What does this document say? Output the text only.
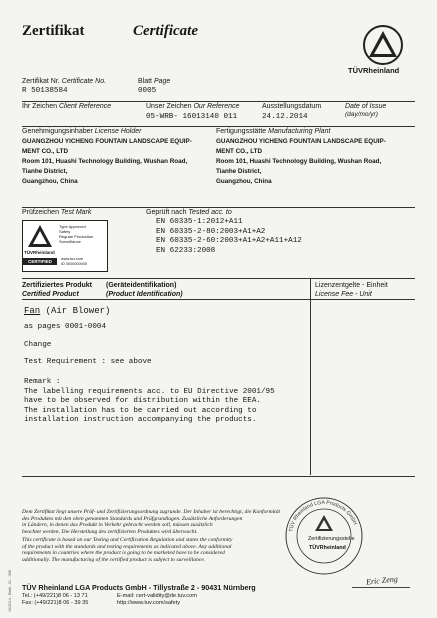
Zertifikat	Certificate
TÜVRheinland
Zertifikat Nr. Certificate No.
R 50138584
Blatt Page
0005
Ihr Zeichen Client Reference	Unser Zeichen Our Reference
05-WRB- 16013140 011
Ausstellungsdatum
24.12.2014
Date of Issue
(day/mo/yr)
Genehmigungsinhaber License Holder
GUANGZHOU YICHENG FOUNTAIN LANDSCAPE EQUIP-
MENT CO., LTD
Room 101, Huashi Technology Building, Wushan Road,
Tianhe District,
Guangzhou, China
Fertigungsstätte Manufacturing Plant
GUANGZHOU YICHENG FOUNTAIN LANDSCAPE EQUIP-
MENT CO., LTD
Room 101, Huashi Technology Building, Wushan Road,
Tianhe District,
Guangzhou, China
Prüfzeichen Test Mark
TÜVRheinland
Type Approved
Safety
Regular Production
Surveillance
CERTIFIED	www.tuv.com
ID 3000000000
Geprüft nach Tested acc. to
EN 60335-1:2012+A11
EN 60335-2-80:2003+A1+A2
EN 60335-2-60:2003+A1+A2+A11+A12
EN 62233:2008
Zertifiziertes Produkt
Certified Product
(Geräteidentifikation)
(Product Identification)
Lizenzentgelte - Einheit
License Fee - Unit
Fan (Air Blower)
as pages 0001-0004
Change
Test Requirement : see above
Remark :
The labelling requirements acc. to EU Directive 2001/95
have to be observed for distribution within the EEA.
The installation has to be carried out according to
installation instruction accompanying the products.
Dem Zertifikat liegt unsere Prüf- und Zertifizierungsordnung zugrunde. Der Inhaber ist berechtigt, die Konformität
des Produktes mit den oben genannten Standards und Prüfgrundlagen. Zusätzliche Anforderungen
in Ländern, in denen das Produkt in Verkehr gebracht werden soll, müssen zusätzlich
beachtet werden. Die Herstellung des zertifizierten Produktes wird überwacht.
This certificate is based on our Testing and Certification Regulation and states the conformity
of the product with the standards and testing requirements as indicated above. Any additional
requirements in countries where the product is going to be marketed have to be considered
additionally. The manufacturing of the certified product is subject to surveillance.
TÜV Rheinland LGA Products GmbH
Zertifizierungsstelle
TÜVRheinland
Eric Zeng
TÜV Rheinland LGA Products GmbH - Tillystraße 2 - 90431 Nürnberg
Tel.: (+49/221)8 06 - 13 71
Fax: (+49/221)8 06 - 39 35
E-mail: cert-validity@de.tuv.com
http://www.tuv.com/safety
10/2014 - Blatt - 01 - 005
